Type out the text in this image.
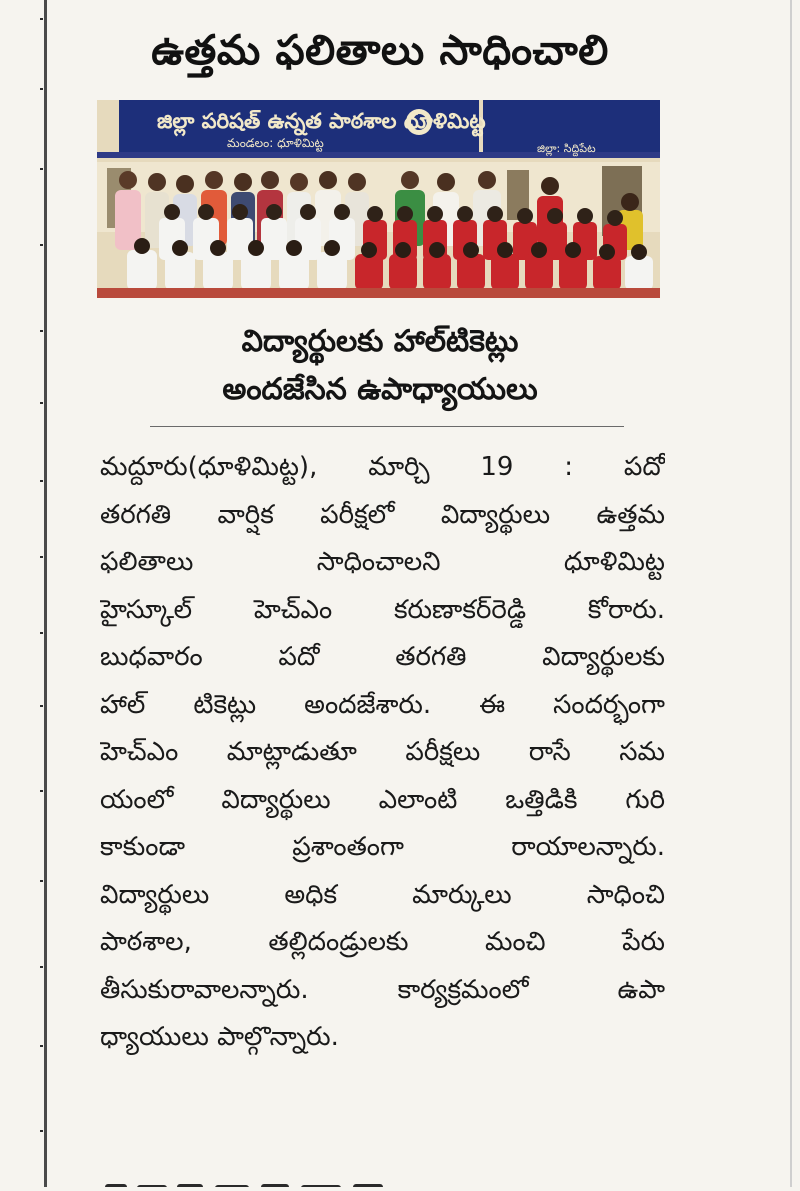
ఉత్తమ ఫలితాలు సాధించాలి
జిల్లా పరిషత్ ఉన్నత పాఠశాల ధూళిమిట్ట
మండలం: ధూళిమిట్ట	జిల్లా: సిద్దిపేట
విద్యార్థులకు హాల్‌టికెట్లు
అందజేసిన ఉపాధ్యాయులు
మద్దూరు(ధూళిమిట్ట), మార్చి 19 : పదో
తరగతి వార్షిక పరీక్షలో విద్యార్థులు ఉత్తమ
ఫలితాలు సాధించాలని ధూళిమిట్ట
హైస్కూల్ హెచ్‌ఎం కరుణాకర్‌రెడ్డి కోరారు.
బుధవారం పదో తరగతి విద్యార్థులకు
హాల్ టికెట్లు అందజేశారు. ఈ సందర్భంగా
హెచ్‌ఎం మాట్లాడుతూ పరీక్షలు రాసే సమ
యంలో విద్యార్థులు ఎలాంటి ఒత్తిడికి గురి
కాకుండా ప్రశాంతంగా రాయాలన్నారు.
విద్యార్థులు అధిక మార్కులు సాధించి
పాఠశాల, తల్లిదండ్రులకు మంచి పేరు
తీసుకురావాలన్నారు. కార్యక్రమంలో ఉపా
ధ్యాయులు పాల్గొన్నారు.
